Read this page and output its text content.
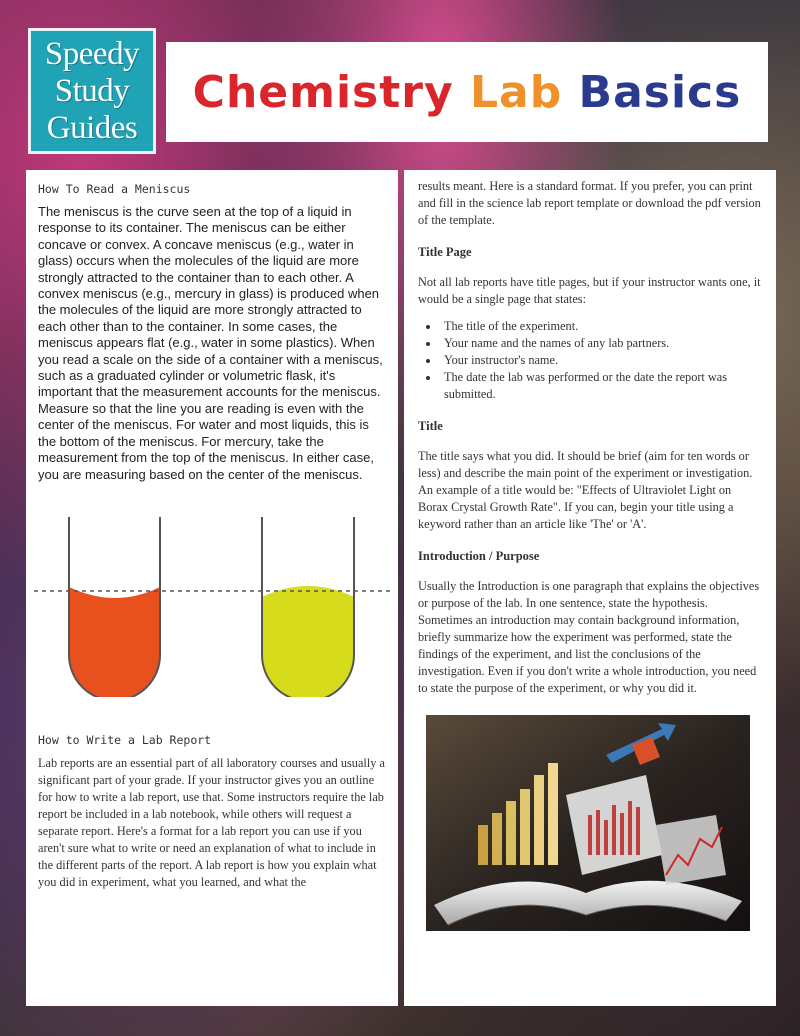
Speedy
Study
Guides
Chemistry Lab Basics
How To Read a Meniscus

The meniscus is the curve seen at the top of a liquid in response to its container. The meniscus can be either concave or convex. A concave meniscus (e.g., water in glass) occurs when the molecules of the liquid are more strongly attracted to the container than to each other. A convex meniscus (e.g., mercury in glass) is produced when the molecules of the liquid are more strongly attracted to each other than to the container. In some cases, the meniscus appears flat (e.g., water in some plastics). When you read a scale on the side of a container with a meniscus, such as a graduated cylinder or volumetric flask, it's important that the measurement accounts for the meniscus. Measure so that the line you are reading is even with the center of the meniscus. For water and most liquids, this is the bottom of the meniscus. For mercury, take the measurement from the top of the meniscus. In either case, you are measuring based on the center of the meniscus.

How to Write a Lab Report

Lab reports are an essential part of all laboratory courses and usually a significant part of your grade. If your instructor gives you an outline for how to write a lab report, use that. Some instructors require the lab report be included in a lab notebook, while others will request a separate report. Here's a format for a lab report you can use if you aren't sure what to write or need an explanation of what to include in the different parts of the report. A lab report is how you explain what you did in experiment, what you learned, and what the

results meant. Here is a standard format. If you prefer, you can print and fill in the science lab report template or download the pdf version of the template.

Title Page

Not all lab reports have title pages, but if your instructor wants one, it would be a single page that states:

• The title of the experiment.
• Your name and the names of any lab partners.
• Your instructor's name.
• The date the lab was performed or the date the report was submitted.
Title

The title says what you did. It should be brief (aim for ten words or less) and describe the main point of the experiment or investigation. An example of a title would be: "Effects of Ultraviolet Light on Borax Crystal Growth Rate". If you can, begin your title using a keyword rather than an article like 'The' or 'A'.

Introduction / Purpose

Usually the Introduction is one paragraph that explains the objectives or purpose of the lab. In one sentence, state the hypothesis. Sometimes an introduction may contain background information, briefly summarize how the experiment was performed, state the findings of the experiment, and list the conclusions of the investigation. Even if you don't write a whole introduction, you need to state the purpose of the experiment, or why you did it.
